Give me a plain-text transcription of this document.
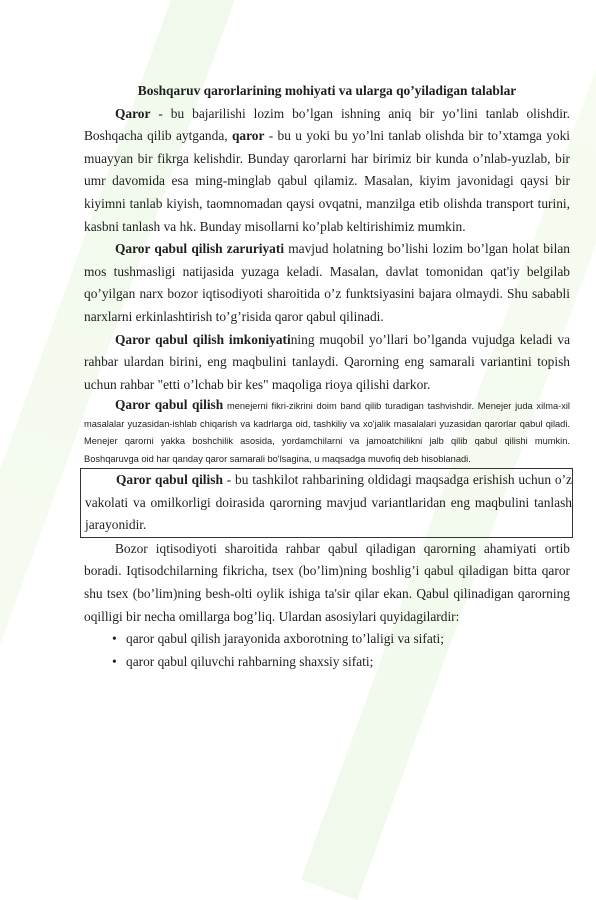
Boshqaruv qarorlarining mohiyati va ularga qo’yiladigan talablar

Qaror - bu bajarilishi lozim bo’lgan ishning aniq bir yo’lini tanlab olishdir. Boshqacha qilib aytganda, qaror - bu u yoki bu yo’lni tanlab olishda bir to’xtamga yoki muayyan bir fikrga kelishdir. Bunday qarorlarni har birimiz bir kunda o’nlab-yuzlab, bir umr davomida esa ming-minglab qabul qilamiz. Masalan, kiyim javonidagi qaysi bir kiyimni tanlab kiyish, taomnomadan qaysi ovqatni, manzilga etib olishda transport turini, kasbni tanlash va hk. Bunday misollarni ko’plab keltirishimiz mumkin.

Qaror qabul qilish zaruriyati mavjud holatning bo’lishi lozim bo’lgan holat bilan mos tushmasligi natijasida yuzaga keladi. Masalan, davlat tomonidan qat'iy belgilab qo’yilgan narx bozor iqtisodiyoti sharoitida o’z funktsiyasini bajara olmaydi. Shu sababli narxlarni erkinlashtirish to’g’risida qaror qabul qilinadi.

Qaror qabul qilish imkoniyatining muqobil yo’llari bo’lganda vujudga keladi va rahbar ulardan birini, eng maqbulini tanlaydi. Qarorning eng samarali variantini topish uchun rahbar "etti o’lchab bir kes" maqoliga rioya qilishi darkor.

Qaror qabul qilish menejerni fikri-zikrini doim band qilib turadigan tashvishdir. Menejer juda xilma-xil masalalar yuzasidan-ishlab chiqarish va kadrlarga oid, tashkiliy va xo'jalik masalalari yuzasidan qarorlar qabul qiladi. Menejer qarorni yakka boshchilik asosida, yordamchilarni va jamoatchilikni jalb qilib qabul qilishi mumkin. Boshqaruvga oid har qanday qaror samarali bo'lsagina, u maqsadga muvofiq deb hisoblanadi.

Qaror qabul qilish - bu tashkilot rahbarining oldidagi maqsadga erishish uchun o’z vakolati va omilkorligi doirasida qarorning mavjud variantlaridan eng maqbulini tanlash jarayonidir.

Bozor iqtisodiyoti sharoitida rahbar qabul qiladigan qarorning ahamiyati ortib boradi. Iqtisodchilarning fikricha, tsex (bo’lim)ning boshlig’i qabul qiladigan bitta qaror shu tsex (bo’lim)ning besh-olti oylik ishiga ta'sir qilar ekan. Qabul qilinadigan qarorning oqilligi bir necha omillarga bog’liq. Ulardan asosiylari quyidagilardir:

• qaror qabul qilish jarayonida axborotning to’laligi va sifati;
• qaror qabul qiluvchi rahbarning shaxsiy sifati;
